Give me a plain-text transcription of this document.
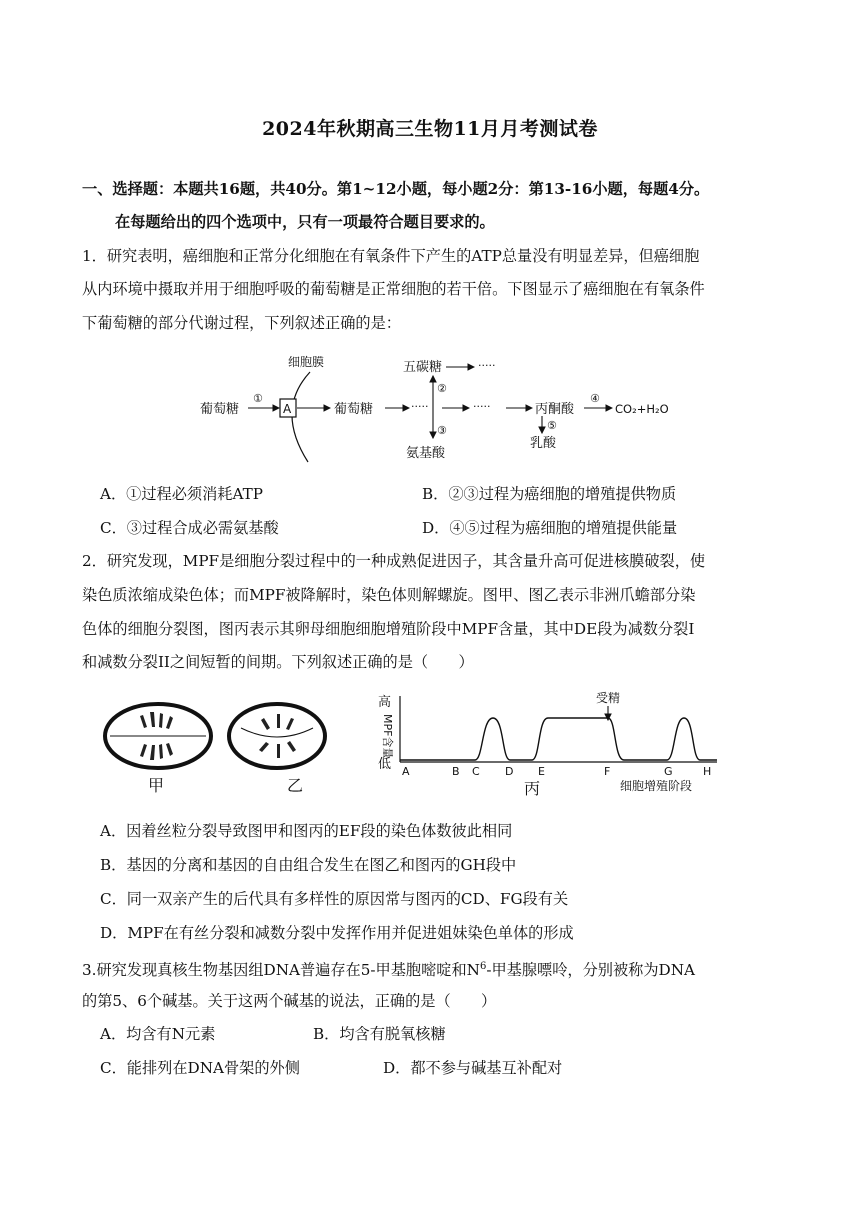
2024年秋期高三生物11月月考测试卷
一、选择题：本题共16题，共40分。第1~12小题，每小题2分：第13-16小题，每题4分。
在每题给出的四个选项中，只有一项最符合题目要求的。
1．研究表明，癌细胞和正常分化细胞在有氧条件下产生的ATP总量没有明显差异，但癌细胞
从内环境中摄取并用于细胞呼吸的葡萄糖是正常细胞的若干倍。下图显示了癌细胞在有氧条件
下葡萄糖的部分代谢过程，下列叙述正确的是：
细胞膜
葡萄糖
①
A	葡萄糖	·····
五碳糖	·····
②
③
氨基酸
·····	丙酮酸
④
CO₂+H₂O
⑤
乳酸
A．①过程必须消耗ATP	B．②③过程为癌细胞的增殖提供物质
C．③过程合成必需氨基酸	D．④⑤过程为癌细胞的增殖提供能量
2．研究发现，MPF是细胞分裂过程中的一种成熟促进因子，其含量升高可促进核膜破裂，使
染色质浓缩成染色体；而MPF被降解时，染色体则解螺旋。图甲、图乙表示非洲爪蟾部分染
色体的细胞分裂图，图丙表示其卵母细胞细胞增殖阶段中MPF含量，其中DE段为减数分裂I
和减数分裂II之间短暂的间期。下列叙述正确的是（　　）
甲	乙
高
低
MPF含量
受精
A	B C D E	F	G	H
细胞增殖阶段
丙
A．因着丝粒分裂导致图甲和图丙的EF段的染色体数彼此相同
B．基因的分离和基因的自由组合发生在图乙和图丙的GH段中
C．同一双亲产生的后代具有多样性的原因常与图丙的CD、FG段有关
D．MPF在有丝分裂和减数分裂中发挥作用并促进姐妹染色单体的形成
3.研究发现真核生物基因组DNA普遍存在5-甲基胞嘧啶和$N^6-$甲基腺嘌呤，分别被称为DNA
的第5、6个碱基。关于这两个碱基的说法，正确的是（　　）
A．均含有N元素	B．均含有脱氧核糖
C．能排列在DNA骨架的外侧	D．都不参与碱基互补配对
